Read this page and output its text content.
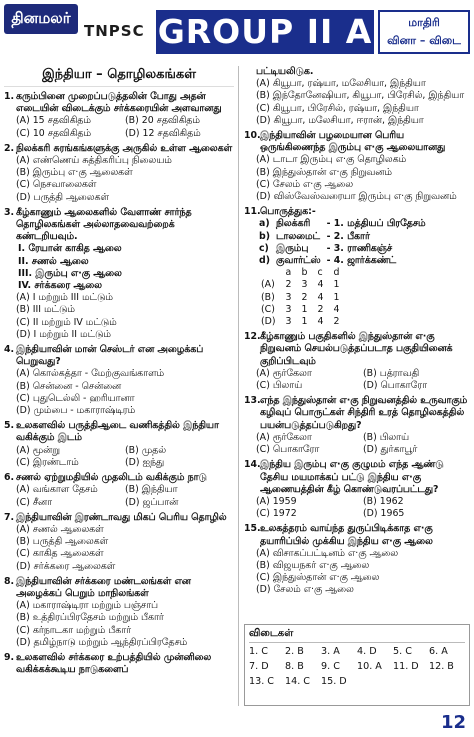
தினமலர்
TNPSC GROUP II A	மாதிரி
வினா – விடை
இந்தியா – தொழிலகங்கள்
1. கரும்பினை முறைப்படுத்தலின் போது அதன் எடையின் விடைக்கும் சர்க்கரையின் அளவானது
(A) 15 சதவிகிதம்	(B) 20 சதவிகிதம்
(C) 10 சதவிகிதம்	(D) 12 சதவிகிதம்
2. நிலக்கரி சுரங்கங்களுக்கு அருகில் உள்ள ஆலைகள்
(A) எண்ணெய் சுத்திகரிப்பு நிலையம்
(B) இரும்பு எ·கு ஆலைகள்
(C) நெசவாலைகள்
(D) பருத்தி ஆலைகள்
3. கீழ்காணும் ஆலைகளில் வேளாண் சார்ந்த தொழிலகங்கள் அல்லாதவைவற்றைக் கண்டறியவும்.
I. ரேயான் காகித ஆலை
II. சணல் ஆலை
III. இரும்பு எ·கு ஆலை
IV. சர்க்கரை ஆலை
(A) I மற்றும் III மட்டும்
(B) III மட்டும்
(C) II மற்றும் IV மட்டும்
(D) I மற்றும் II மட்டும்
4. இந்தியாவின் மான் செஸ்டர் என அழைக்கப் பெறுவது?
(A) கொல்கத்தா - மேற்குவங்காளம்
(B) சென்னை - சென்னை
(C) புதுடெல்லி - ஹரியானா
(D) மும்பை - மகாராஷ்டிரம்
5. உலகளவில் பருத்திஆடை வணிகத்தில் இந்தியா வகிக்கும் இடம்
(A) மூன்று	(B) முதல்
(C) இரண்டாம்	(D) ஐந்து
6. சணல் ஏற்றுமதியில் முதலிடம் வகிக்கும் நாடு
(A) வங்காள தேசம்	(B) இந்தியா
(C) சீனா	(D) ஜப்பான்
7. இந்தியாவின் இரண்டாவது மிகப் பெரிய தொழில்
(A) சணல் ஆலைகள்
(B) பருத்தி ஆலைகள்
(C) காகித ஆலைகள்
(D) சர்க்கரை ஆலைகள்
8. இந்தியாவின் சர்க்கரை மண்டலங்கள் என அழைக்கப் பெறும் மாநிலங்கள்
(A) மகாராஷ்டிரா மற்றும் பஞ்சாப்
(B) உத்திரப்பிரதேசம் மற்றும் பீகார்
(C) கர்நாடகா மற்றும் பீகார்
(D) தமிழ்நாடு மற்றும் ஆந்திரப்பிரதேசம்
9. உலகளவில் சர்க்கரை உற்பத்தியில் முன்னிலை வகிக்கக்கூடிய நாடுகளைப்
பட்டியலிடுக.
(A) கியூபா, ரஷ்யா, மலேசியா, இந்தியா
(B) இந்தோனேஷியா, கியூபா, பிரேசில், இந்தியா
(C) கியூபா, பிரேசில், ரஷ்யா, இந்தியா
(D) கியூபா, மலேசியா, ஈரான், இந்தியா
10. இந்தியாவின் பழமையான பெரிய ஒருங்கிணைந்த இரும்பு எ·கு ஆலையானது
(A) டாடா இரும்பு எ·கு தொழிலகம்
(B) இந்துஸ்தான் எ·கு நிறுவனம்
(C) சேலம் எ·கு ஆலை
(D) விஸ்வேஸ்வரையா இரும்பு எ·கு நிறுவனம்
11. பொருத்துக:-
a)	நிலக்கரி	- 1. மத்தியப் பிரதேசம்
b)	டாலமைட்	- 2. பீகார்
c)	இரும்பு	- 3. ராணிகஞ்ச்
d)	குவார்ட்ஸ்	- 4. ஜார்க்கண்ட்
	a	b	c	d
(A)	2	3	4	1
(B)	3	2	4	1
(C)	3	1	2	4
(D)	3	1	4	2
12. கீழ்காணும் பகுதிகளில் இந்துஸ்தான் எ·கு நிறுவனம் செயல்படுத்தப்படாத பகுதியினைக் குறிப்பிடவும்
(A) ரூர்கேலா	(B) பத்ராவதி
(C) பிலாய்	(D) பொகாரோ
13. எந்த இந்துஸ்தான் எ·கு நிறுவனத்தில் உருவாகும் கழிவுப் பொருட்கள் சிந்திரி உரத் தொழிலகத்தில் பயன்படுத்தப்படுகிறது?
(A) ரூர்கேலா	(B) பிலாய்
(C) பொகாரோ	(D) துர்காபூர்
14. இந்திய இரும்பு எ·கு குழுமம் எந்த ஆண்டு தேசிய மயமாக்கப் பட்டு இந்திய எ·கு ஆணையத்தின் கீழ் கொண்டுவரப்பட்டது?
(A) 1959	(B) 1962
(C) 1972	(D) 1965
15. உலகத்தரம் வாய்ந்த துருப்பிடிக்காத எ·கு தயாரிப்பில் முக்கிய இந்திய எ·கு ஆலை
(A) விசாகப்பட்டினம் எ·கு ஆலை
(B) விஜயநகர் எ·கு ஆலை
(C) இந்துஸ்தான் எ·கு ஆலை
(D) சேலம் எ·கு ஆலை
விடைகள்
1. C	2. B	3. A	4. D	5. C	6. A
7. D	8. B	9. C	10. A	11. D	12. B
13. C	14. C	15. D
12
